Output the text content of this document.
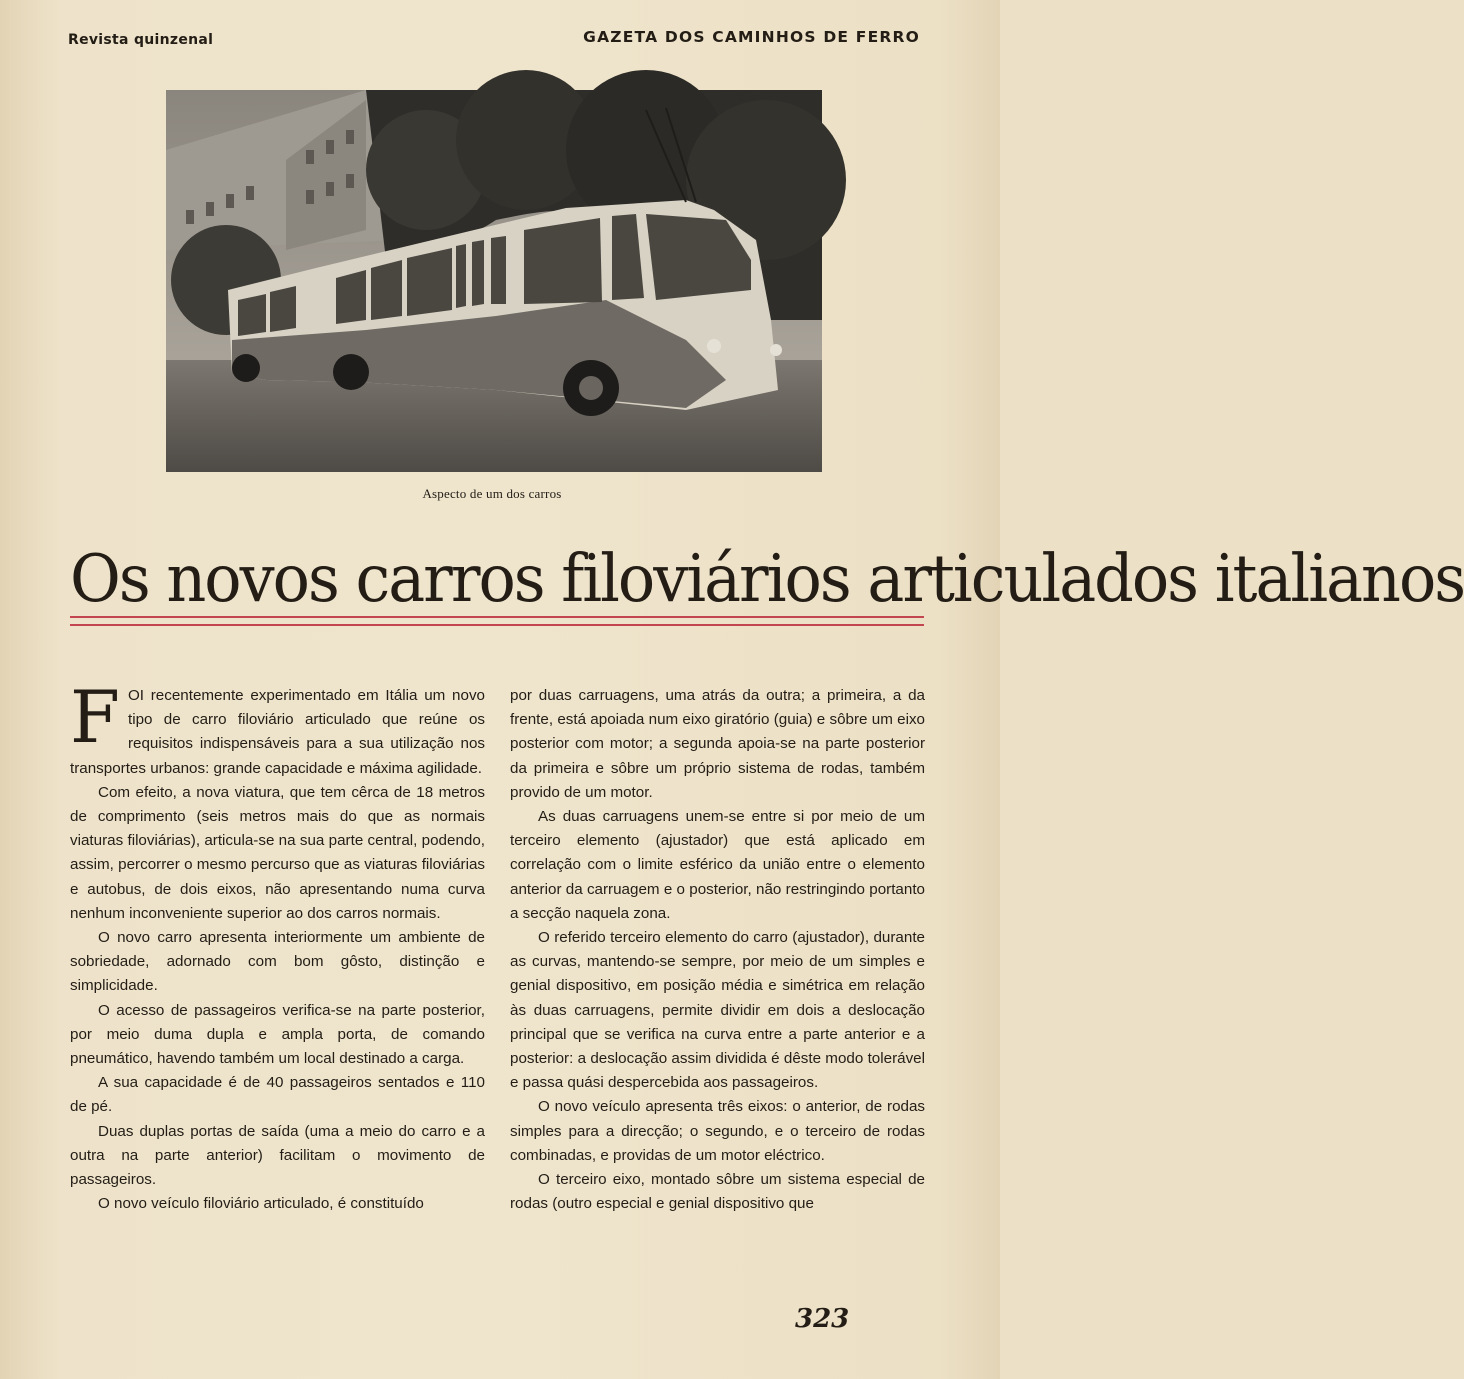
Revista quinzenal	GAZETA DOS CAMINHOS DE FERRO
Aspecto de um dos carros
Os novos carros filoviários articulados italianos

FOI recentemente experimentado em Itália um novo tipo de carro filoviário articulado que reúne os requisitos indispensáveis para a sua utilização nos transportes urbanos: grande capacidade e máxima agilidade.

Com efeito, a nova viatura, que tem cêrca de 18 metros de comprimento (seis metros mais do que as normais viaturas filoviárias), articula-se na sua parte central, podendo, assim, percorrer o mesmo percurso que as viaturas filoviárias e autobus, de dois eixos, não apresentando numa curva nenhum inconveniente superior ao dos carros normais.

O novo carro apresenta interiormente um ambiente de sobriedade, adornado com bom gôsto, distinção e simplicidade.

O acesso de passageiros verifica-se na parte posterior, por meio duma dupla e ampla porta, de comando pneumático, havendo também um local destinado a carga.

A sua capacidade é de 40 passageiros sentados e 110 de pé.

Duas duplas portas de saída (uma a meio do carro e a outra na parte anterior) facilitam o movimento de passageiros.

O novo veículo filoviário articulado, é constituído

por duas carruagens, uma atrás da outra; a primeira, a da frente, está apoiada num eixo giratório (guia) e sôbre um eixo posterior com motor; a segunda apoia-se na parte posterior da primeira e sôbre um próprio sistema de rodas, também provido de um motor.

As duas carruagens unem-se entre si por meio de um terceiro elemento (ajustador) que está aplicado em correlação com o limite esférico da união entre o elemento anterior da carruagem e o posterior, não restringindo portanto a secção naquela zona.

O referido terceiro elemento do carro (ajustador), durante as curvas, mantendo-se sempre, por meio de um simples e genial dispositivo, em posição média e simétrica em relação às duas carruagens, permite dividir em dois a deslocação principal que se verifica na curva entre a parte anterior e a posterior: a deslocação assim dividida é dêste modo tolerável e passa quási despercebida aos passageiros.

O novo veículo apresenta três eixos: o anterior, de rodas simples para a direcção; o segundo, e o terceiro de rodas combinadas, e providas de um motor eléctrico.

O terceiro eixo, montado sôbre um sistema especial de rodas (outro especial e genial dispositivo que

323
